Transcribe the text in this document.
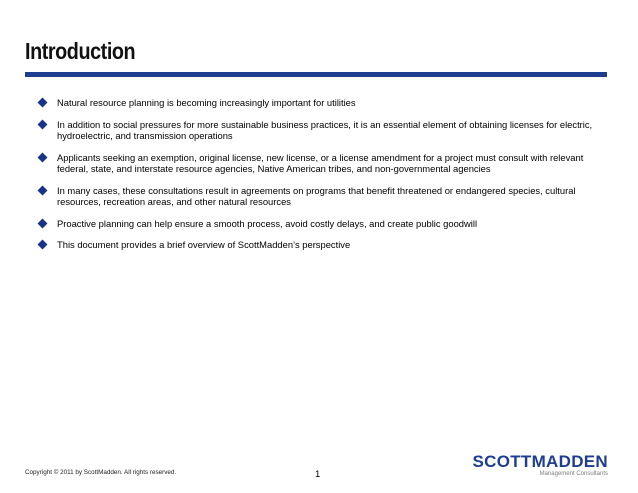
Introduction
Natural resource planning is becoming increasingly important for utilities
In addition to social pressures for more sustainable business practices, it is an essential element of obtaining licenses for electric, hydroelectric, and transmission operations
Applicants seeking an exemption, original license, new license, or a license amendment for a project must consult with relevant federal, state, and interstate resource agencies, Native American tribes, and non-governmental agencies
In many cases, these consultations result in agreements on programs that benefit threatened or endangered species, cultural resources, recreation areas, and other natural resources
Proactive planning can help ensure a smooth process, avoid costly delays, and create public goodwill
This document provides a brief overview of ScottMadden’s perspective
Copyright © 2011 by ScottMadden. All rights reserved.	1
SCOTTMADDEN
Management Consultants
